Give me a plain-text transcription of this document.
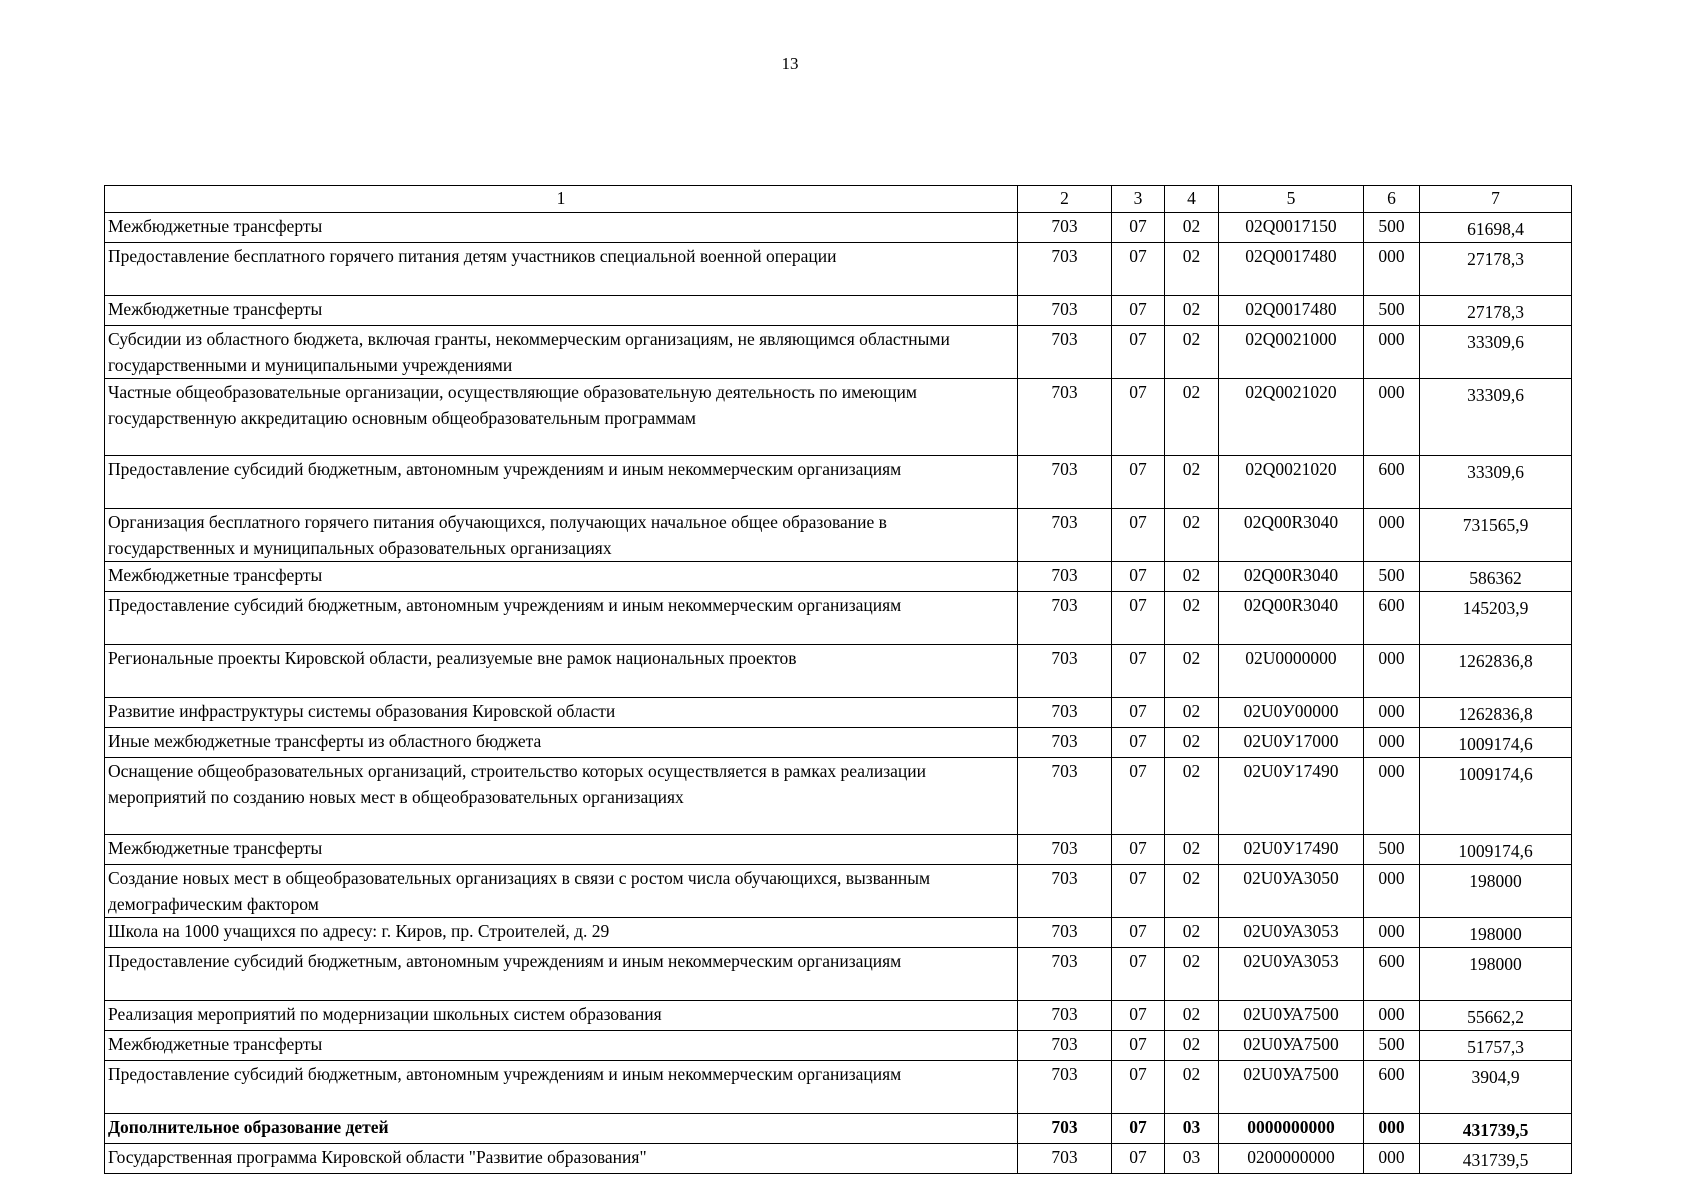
13
1	2	3	4	5	6	7
Межбюджетные трансферты	703	07	02	02Q0017150	500	61698,4
Предоставление бесплатного горячего питания детям участников специальной военной операции	703	07	02	02Q0017480	000	27178,3
Межбюджетные трансферты	703	07	02	02Q0017480	500	27178,3
Субсидии из областного бюджета, включая гранты, некоммерческим организациям, не являющимся областными государственными и муниципальными учреждениями	703	07	02	02Q0021000	000	33309,6
Частные общеобразовательные организации, осуществляющие образовательную деятельность по имеющим государственную аккредитацию основным общеобразовательным программам	703	07	02	02Q0021020	000	33309,6
Предоставление субсидий бюджетным, автономным учреждениям и иным некоммерческим организациям	703	07	02	02Q0021020	600	33309,6
Организация бесплатного горячего питания обучающихся, получающих начальное общее образование в государственных и муниципальных образовательных организациях	703	07	02	02Q00R3040	000	731565,9
Межбюджетные трансферты	703	07	02	02Q00R3040	500	586362
Предоставление субсидий бюджетным, автономным учреждениям и иным некоммерческим организациям	703	07	02	02Q00R3040	600	145203,9
Региональные проекты Кировской области, реализуемые вне рамок национальных проектов	703	07	02	02U0000000	000	1262836,8
Развитие инфраструктуры системы образования Кировской области	703	07	02	02U0У00000	000	1262836,8
Иные межбюджетные трансферты из областного бюджета	703	07	02	02U0У17000	000	1009174,6
Оснащение общеобразовательных организаций, строительство которых осуществляется в рамках реализации мероприятий по созданию новых мест в общеобразовательных организациях	703	07	02	02U0У17490	000	1009174,6
Межбюджетные трансферты	703	07	02	02U0У17490	500	1009174,6
Создание новых мест в общеобразовательных организациях в связи с ростом числа обучающихся, вызванным демографическим фактором	703	07	02	02U0УА3050	000	198000
Школа на 1000 учащихся по адресу: г. Киров, пр. Строителей, д. 29	703	07	02	02U0УА3053	000	198000
Предоставление субсидий бюджетным, автономным учреждениям и иным некоммерческим организациям	703	07	02	02U0УА3053	600	198000
Реализация мероприятий по модернизации школьных систем образования	703	07	02	02U0УА7500	000	55662,2
Межбюджетные трансферты	703	07	02	02U0УА7500	500	51757,3
Предоставление субсидий бюджетным, автономным учреждениям и иным некоммерческим организациям	703	07	02	02U0УА7500	600	3904,9
Дополнительное образование детей	703	07	03	0000000000	000	431739,5
Государственная программа Кировской области "Развитие образования"	703	07	03	0200000000	000	431739,5
